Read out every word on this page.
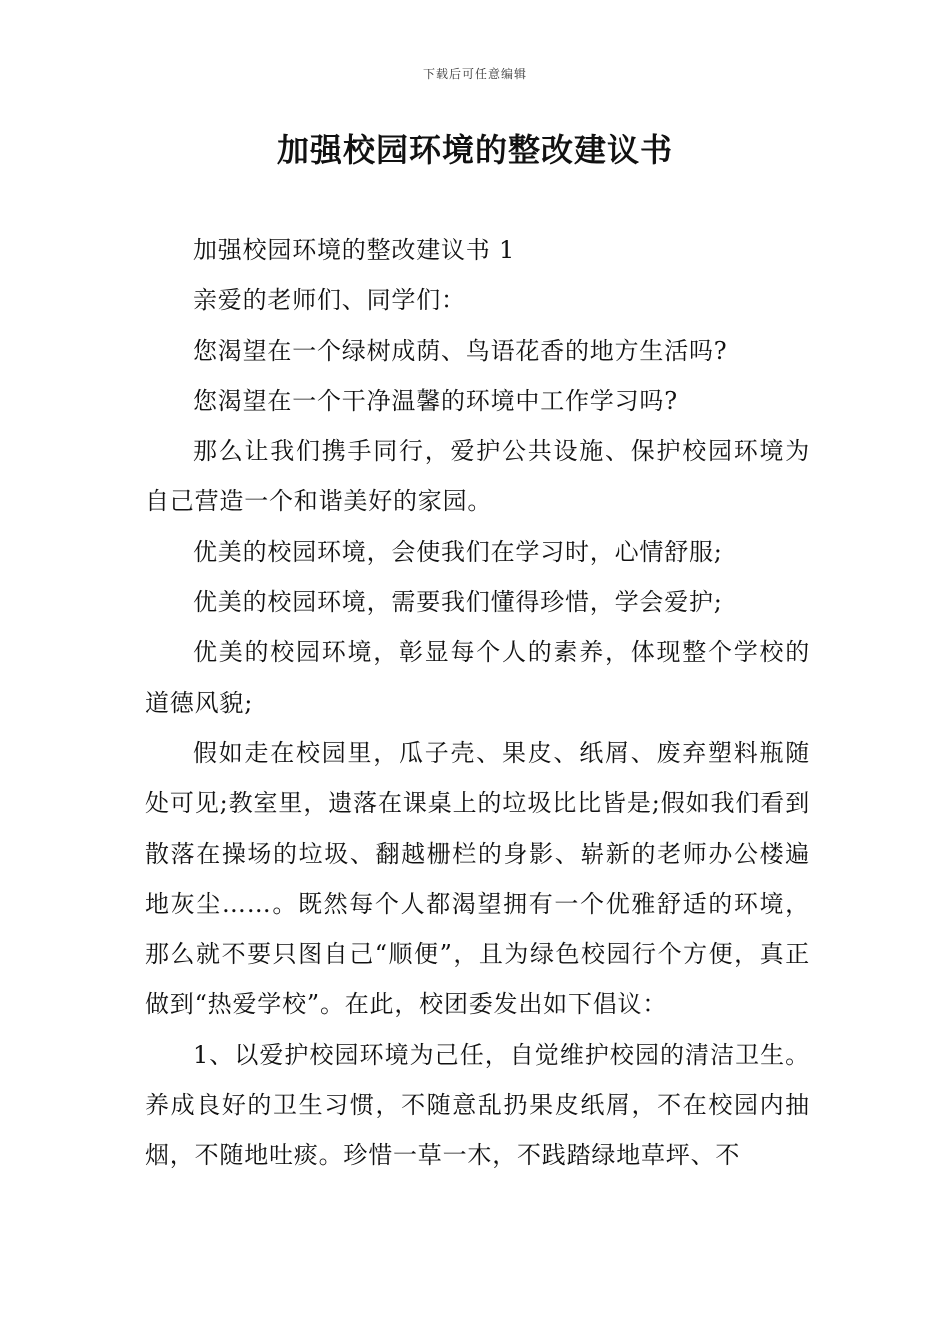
下载后可任意编辑
加强校园环境的整改建议书

加强校园环境的整改建议书 1

亲爱的老师们、同学们：

您渴望在一个绿树成荫、鸟语花香的地方生活吗?

您渴望在一个干净温馨的环境中工作学习吗?

那么让我们携手同行，爱护公共设施、保护校园环境为自己营造一个和谐美好的家园。

优美的校园环境，会使我们在学习时，心情舒服;

优美的校园环境，需要我们懂得珍惜，学会爱护;

优美的校园环境，彰显每个人的素养，体现整个学校的道德风貌;

假如走在校园里，瓜子壳、果皮、纸屑、废弃塑料瓶随处可见;教室里，遗落在课桌上的垃圾比比皆是;假如我们看到散落在操场的垃圾、翻越栅栏的身影、崭新的老师办公楼遍地灰尘……。既然每个人都渴望拥有一个优雅舒适的环境，那么就不要只图自己“顺便”，且为绿色校园行个方便，真正做到“热爱学校”。在此，校团委发出如下倡议：

1、以爱护校园环境为己任，自觉维护校园的清洁卫生。养成良好的卫生习惯，不随意乱扔果皮纸屑，不在校园内抽烟，不随地吐痰。珍惜一草一木，不践踏绿地草坪、不
